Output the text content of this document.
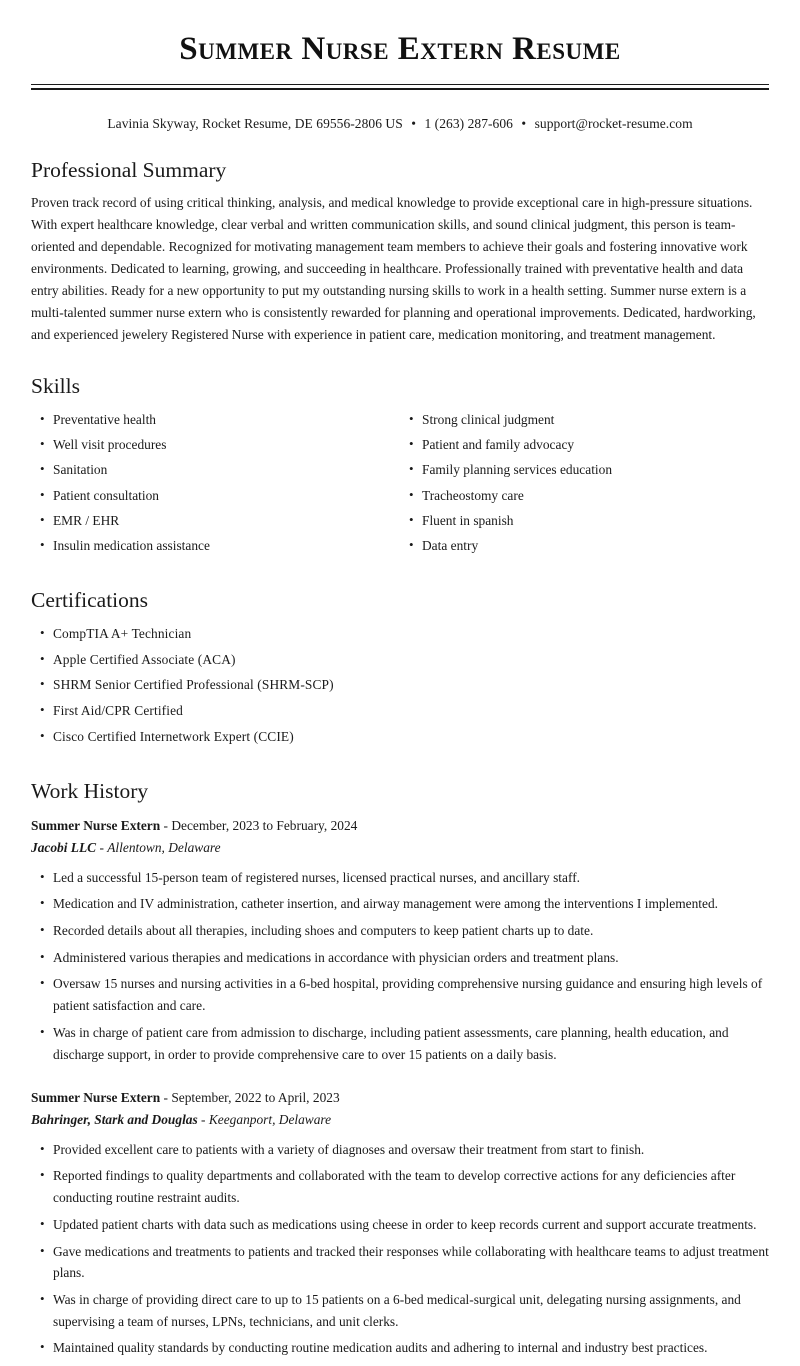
Summer Nurse Extern Resume
Lavinia Skyway, Rocket Resume, DE 69556-2806 US • 1 (263) 287-606 • support@rocket-resume.com
Professional Summary

Proven track record of using critical thinking, analysis, and medical knowledge to provide exceptional care in high-pressure situations. With expert healthcare knowledge, clear verbal and written communication skills, and sound clinical judgment, this person is team-oriented and dependable. Recognized for motivating management team members to achieve their goals and fostering innovative work environments. Dedicated to learning, growing, and succeeding in healthcare. Professionally trained with preventative health and data entry abilities. Ready for a new opportunity to put my outstanding nursing skills to work in a health setting. Summer nurse extern is a multi-talented summer nurse extern who is consistently rewarded for planning and operational improvements. Dedicated, hardworking, and experienced jewelery Registered Nurse with experience in patient care, medication monitoring, and treatment management.

Skills
• Preventative health
• Well visit procedures
• Sanitation
• Patient consultation
• EMR / EHR
• Insulin medication assistance
• Strong clinical judgment
• Patient and family advocacy
• Family planning services education
• Tracheostomy care
• Fluent in spanish
• Data entry
Certifications
• CompTIA A+ Technician
• Apple Certified Associate (ACA)
• SHRM Senior Certified Professional (SHRM-SCP)
• First Aid/CPR Certified
• Cisco Certified Internetwork Expert (CCIE)
Work History
Summer Nurse Extern - December, 2023 to February, 2024
Jacobi LLC - Allentown, Delaware
• Led a successful 15-person team of registered nurses, licensed practical nurses, and ancillary staff.
• Medication and IV administration, catheter insertion, and airway management were among the interventions I implemented.
• Recorded details about all therapies, including shoes and computers to keep patient charts up to date.
• Administered various therapies and medications in accordance with physician orders and treatment plans.
• Oversaw 15 nurses and nursing activities in a 6-bed hospital, providing comprehensive nursing guidance and ensuring high levels of patient satisfaction and care.
• Was in charge of patient care from admission to discharge, including patient assessments, care planning, health education, and discharge support, in order to provide comprehensive care to over 15 patients on a daily basis.
Summer Nurse Extern - September, 2022 to April, 2023
Bahringer, Stark and Douglas - Keeganport, Delaware
• Provided excellent care to patients with a variety of diagnoses and oversaw their treatment from start to finish.
• Reported findings to quality departments and collaborated with the team to develop corrective actions for any deficiencies after conducting routine restraint audits.
• Updated patient charts with data such as medications using cheese in order to keep records current and support accurate treatments.
• Gave medications and treatments to patients and tracked their responses while collaborating with healthcare teams to adjust treatment plans.
• Was in charge of providing direct care to up to 15 patients on a 6-bed medical-surgical unit, delegating nursing assignments, and supervising a team of nurses, LPNs, technicians, and unit clerks.
• Maintained quality standards by conducting routine medication audits and adhering to internal and industry best practices.
